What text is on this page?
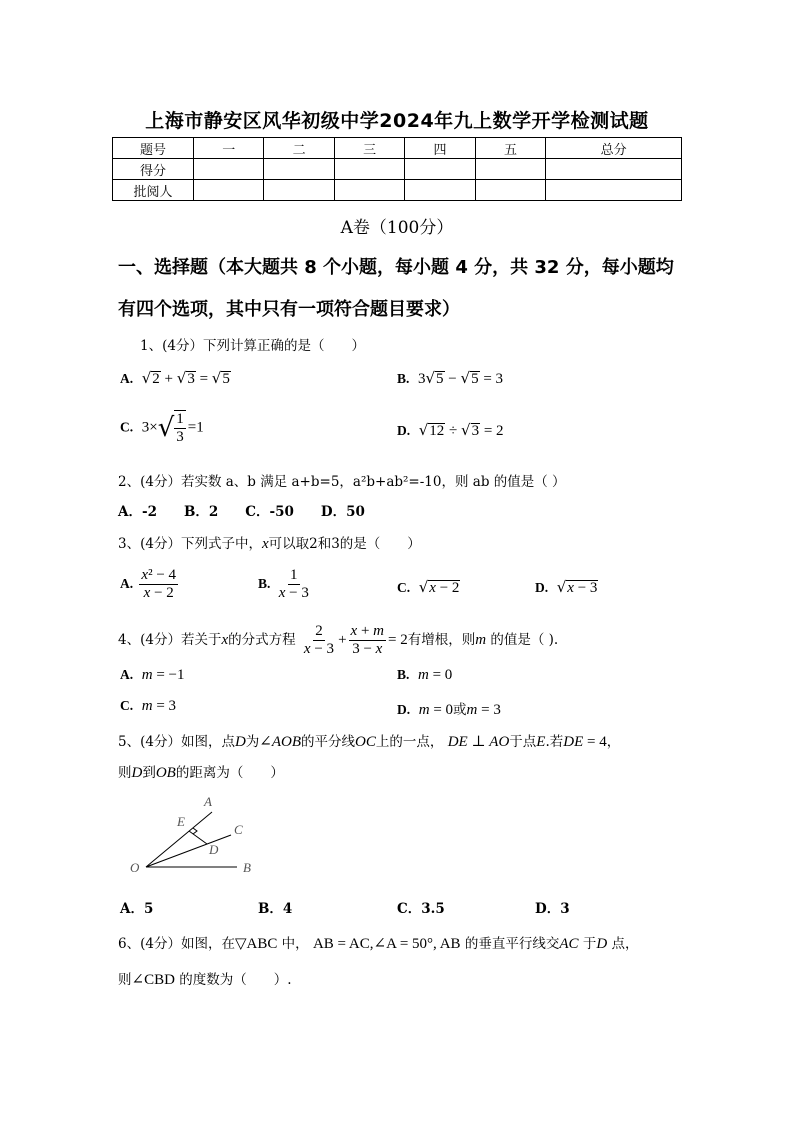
上海市静安区风华初级中学2024年九上数学开学检测试题
题号	一	二	三	四	五	总分
得分						
批阅人						
A卷（100分）
一、选择题（本大题共 8 个小题，每小题 4 分，共 32 分，每小题均
有四个选项，其中只有一项符合题目要求）
1、(4分）下列计算正确的是（　　）
A. √2 + √3 = √5	B. 3√5 − √5 = 3
C. $3\times√ \frac{1}{3} =1$	D. √12 ÷ √3 = 2
2、(4分）若实数 a、b 满足 a+b=5，a²b+ab²=-10，则 ab 的值是（ ）
A．-2　　B．2　　C．-50　　D．50
3、(4分）下列式子中，x可以取2和3的是（　　）
A. $\frac{\text{x² − 4}}{x - 2}$	B. $\frac{1}{x - 3}$	C. √x − 2	D. √x − 3
4、(4分）若关于x的分式方程 $\frac{2}{x - 3} + \frac{x + m}{3 - x} = 2$有增根，则m 的值是（ ).
A. m = −1	B. m = 0
C. m = 3	D. m = 0或m = 3
5、(4分）如图，点D为∠AOB的平分线OC上的一点， DE ⊥ AO于点E.若DE = 4，
则D到OB的距离为（　　）
A
E
C
D
O	B
A．5	B．4	C．3.5	D．3
6、(4分）如图，在▽ABC 中， AB = AC,∠A = 50°, AB 的垂直平行线交AC 于D 点，
则∠CBD 的度数为（　　）.
